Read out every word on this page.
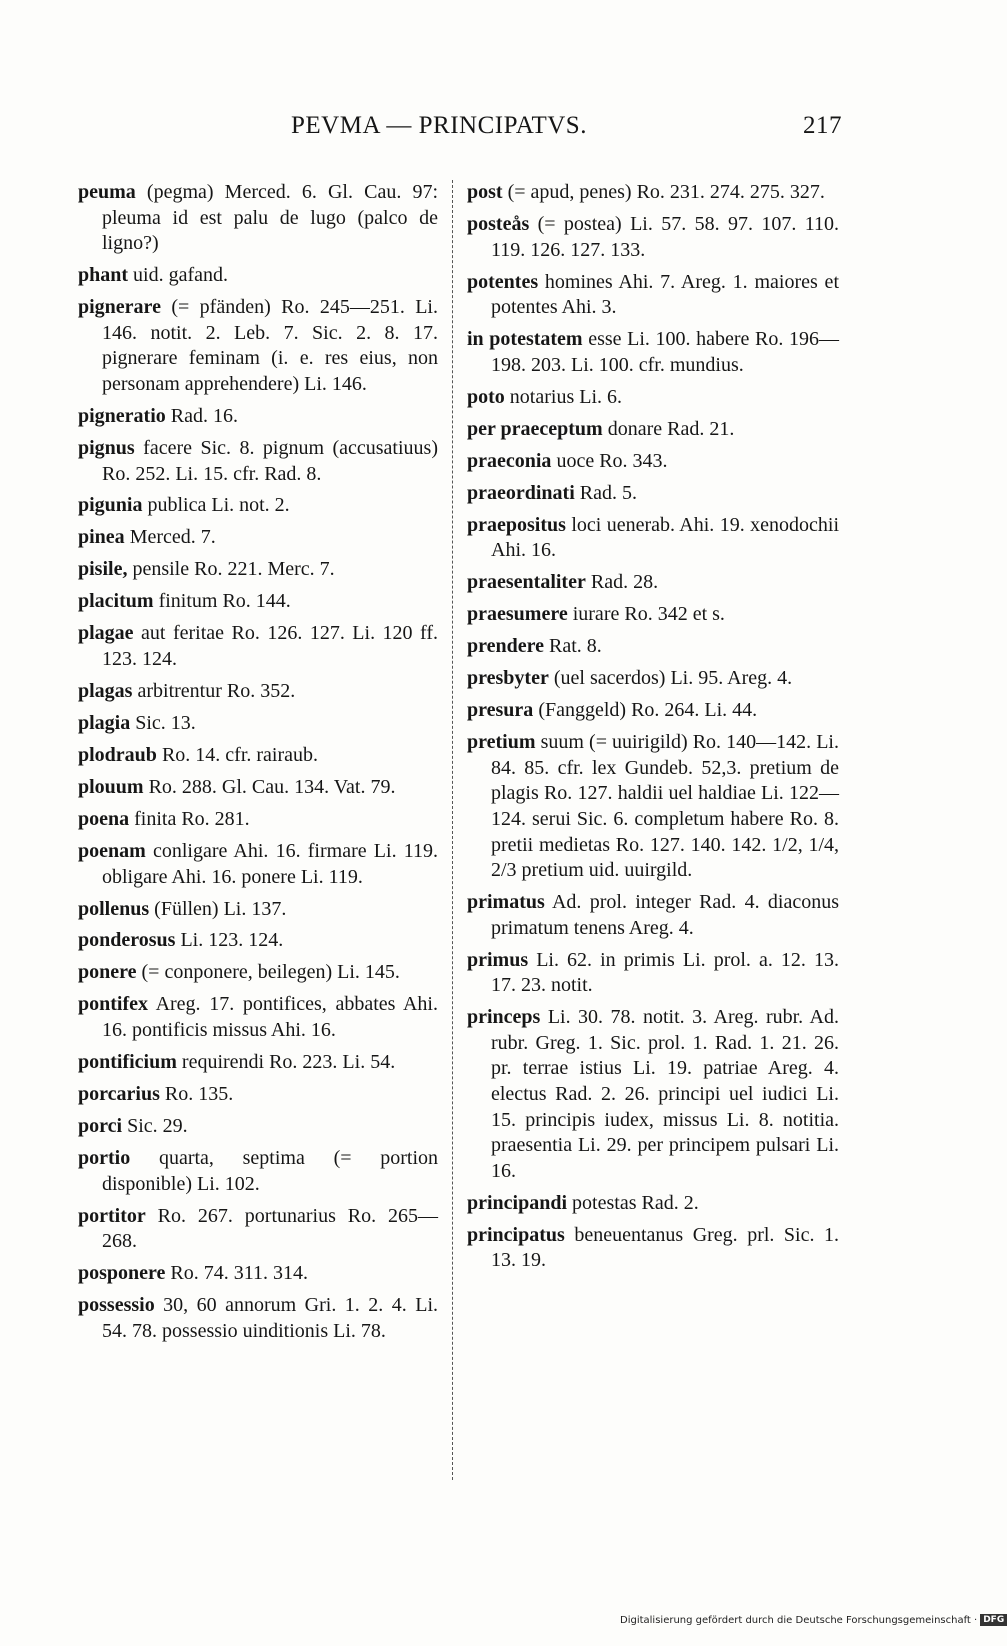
PEVMA — PRINCIPATVS.	217

peuma (pegma) Merced. 6. Gl. Cau. 97: pleuma id est palu de lugo (palco de ligno?)

phant uid. gafand.

pignerare (= pfänden) Ro. 245—251. Li. 146. notit. 2. Leb. 7. Sic. 2. 8. 17. pignerare feminam (i. e. res eius, non personam apprehendere) Li. 146.

pigneratio Rad. 16.

pignus facere Sic. 8. pignum (accusatiuus) Ro. 252. Li. 15. cfr. Rad. 8.

pigunia publica Li. not. 2.

pinea Merced. 7.

pisile, pensile Ro. 221. Merc. 7.

placitum finitum Ro. 144.

plagae aut feritae Ro. 126. 127. Li. 120 ff. 123. 124.

plagas arbitrentur Ro. 352.

plagia Sic. 13.

plodraub Ro. 14. cfr. rairaub.

plouum Ro. 288. Gl. Cau. 134. Vat. 79.

poena finita Ro. 281.

poenam conligare Ahi. 16. firmare Li. 119. obligare Ahi. 16. ponere Li. 119.

pollenus (Füllen) Li. 137.

ponderosus Li. 123. 124.

ponere (= conponere, beilegen) Li. 145.

pontifex Areg. 17. pontifices, abbates Ahi. 16. pontificis missus Ahi. 16.

pontificium requirendi Ro. 223. Li. 54.

porcarius Ro. 135.

porci Sic. 29.

portio quarta, septima (= portion disponible) Li. 102.

portitor Ro. 267. portunarius Ro. 265—268.

posponere Ro. 74. 311. 314.

possessio 30, 60 annorum Gri. 1. 2. 4. Li. 54. 78. possessio uinditionis Li. 78.

post (= apud, penes) Ro. 231. 274. 275. 327.

posteås (= postea) Li. 57. 58. 97. 107. 110. 119. 126. 127. 133.

potentes homines Ahi. 7. Areg. 1. maiores et potentes Ahi. 3.

in potestatem esse Li. 100. habere Ro. 196—198. 203. Li. 100. cfr. mundius.

poto notarius Li. 6.

per praeceptum donare Rad. 21.

praeconia uoce Ro. 343.

praeordinati Rad. 5.

praepositus loci uenerab. Ahi. 19. xenodochii Ahi. 16.

praesentaliter Rad. 28.

praesumere iurare Ro. 342 et s.

prendere Rat. 8.

presbyter (uel sacerdos) Li. 95. Areg. 4.

presura (Fanggeld) Ro. 264. Li. 44.

pretium suum (= uuirigild) Ro. 140—142. Li. 84. 85. cfr. lex Gundeb. 52,3. pretium de plagis Ro. 127. haldii uel haldiae Li. 122—124. serui Sic. 6. completum habere Ro. 8. pretii medietas Ro. 127. 140. 142. 1/2, 1/4, 2/3 pretium uid. uuirgild.

primatus Ad. prol. integer Rad. 4. diaconus primatum tenens Areg. 4.

primus Li. 62. in primis Li. prol. a. 12. 13. 17. 23. notit.

princeps Li. 30. 78. notit. 3. Areg. rubr. Ad. rubr. Greg. 1. Sic. prol. 1. Rad. 1. 21. 26. pr. terrae istius Li. 19. patriae Areg. 4. electus Rad. 2. 26. principi uel iudici Li. 15. principis iudex, missus Li. 8. notitia. praesentia Li. 29. per principem pulsari Li. 16.

principandi potestas Rad. 2.

principatus beneuentanus Greg. prl. Sic. 1. 13. 19.

Digitalisierung gefördert durch die Deutsche Forschungsgemeinschaft · DFG
